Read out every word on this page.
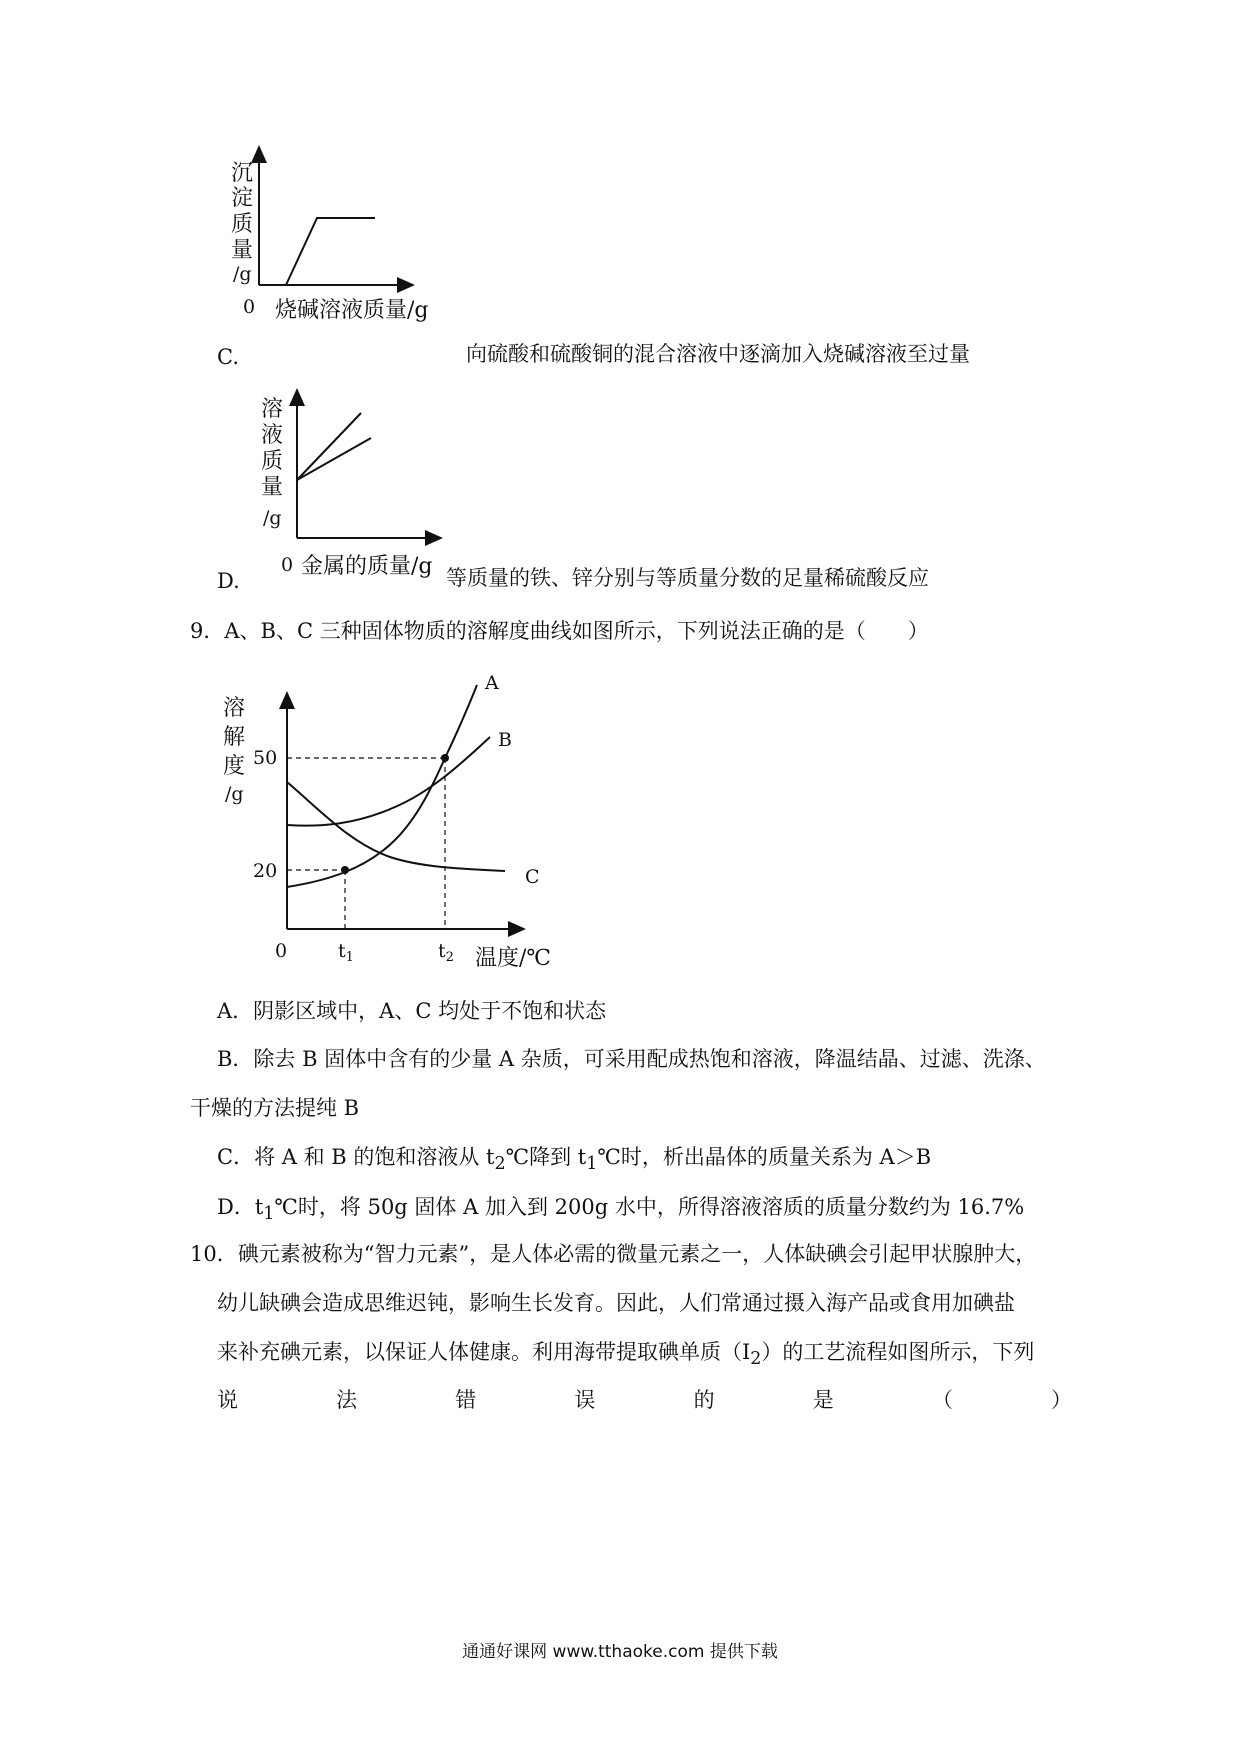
沉
淀
质
量
/g
0 烧碱溶液质量/g
C.	向硫酸和硫酸铜的混合溶液中逐滴加入烧碱溶液至过量
溶
液
质
量
/g
0 金属的质量/g
D.	等质量的铁、锌分别与等质量分数的足量稀硫酸反应
9．A、B、C 三种固体物质的溶解度曲线如图所示，下列说法正确的是（　　）
溶
解
度
/g
50
20
0	$t_1$	$t_2$ 温度/℃
A
B
C
A．阴影区域中，A、C 均处于不饱和状态
B．除去 B 固体中含有的少量 A 杂质，可采用配成热饱和溶液，降温结晶、过滤、洗涤、
干燥的方法提纯 B
C．将 A 和 B 的饱和溶液从 $t_2℃$降到 $t_1℃$时，析出晶体的质量关系为 A＞B
D．$t_1℃$时，将 50g 固体 A 加入到 200g 水中，所得溶液溶质的质量分数约为 16.7%
10．碘元素被称为“智力元素”，是人体必需的微量元素之一，人体缺碘会引起甲状腺肿大，
幼儿缺碘会造成思维迟钝，影响生长发育。因此，人们常通过摄入海产品或食用加碘盐
来补充碘元素，以保证人体健康。利用海带提取碘单质$(I_2)$的工艺流程如图所示，下列
说	法	错	误	的	是	（	）
通通好课网 www.tthaoke.com 提供下载
